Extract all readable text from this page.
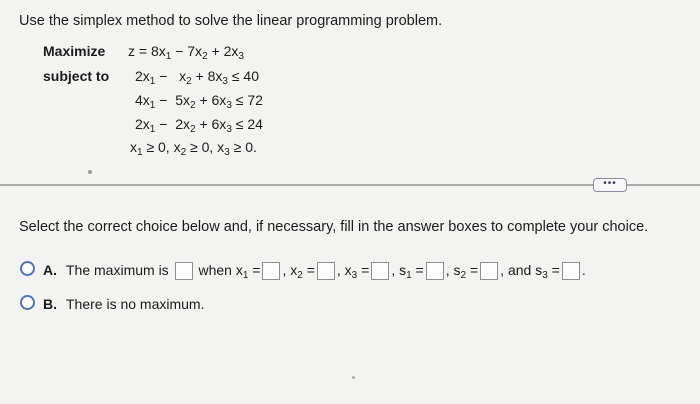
Use the simplex method to solve the linear programming problem.
Maximize
subject to
$z = 8x_1 - 7x_2 + 2x_3$
$2x_1 - x_2 + 8x_3 \le 40$
$4x_1 - 5x_2 + 6x_3 \le 72$
$2x_1 - 2x_2 + 6x_3 \le 24$
$x_1 \ge 0$, $x_2 \ge 0$, $x_3 \ge 0$.
•••
Select the correct choice below and, if necessary, fill in the answer boxes to complete your choice.
A. The maximum is when $x_1$ = , $x_2$ = , $x_3$ = , $s_1$ = , $s_2$ = , and $s_3$ = .
B. There is no maximum.
